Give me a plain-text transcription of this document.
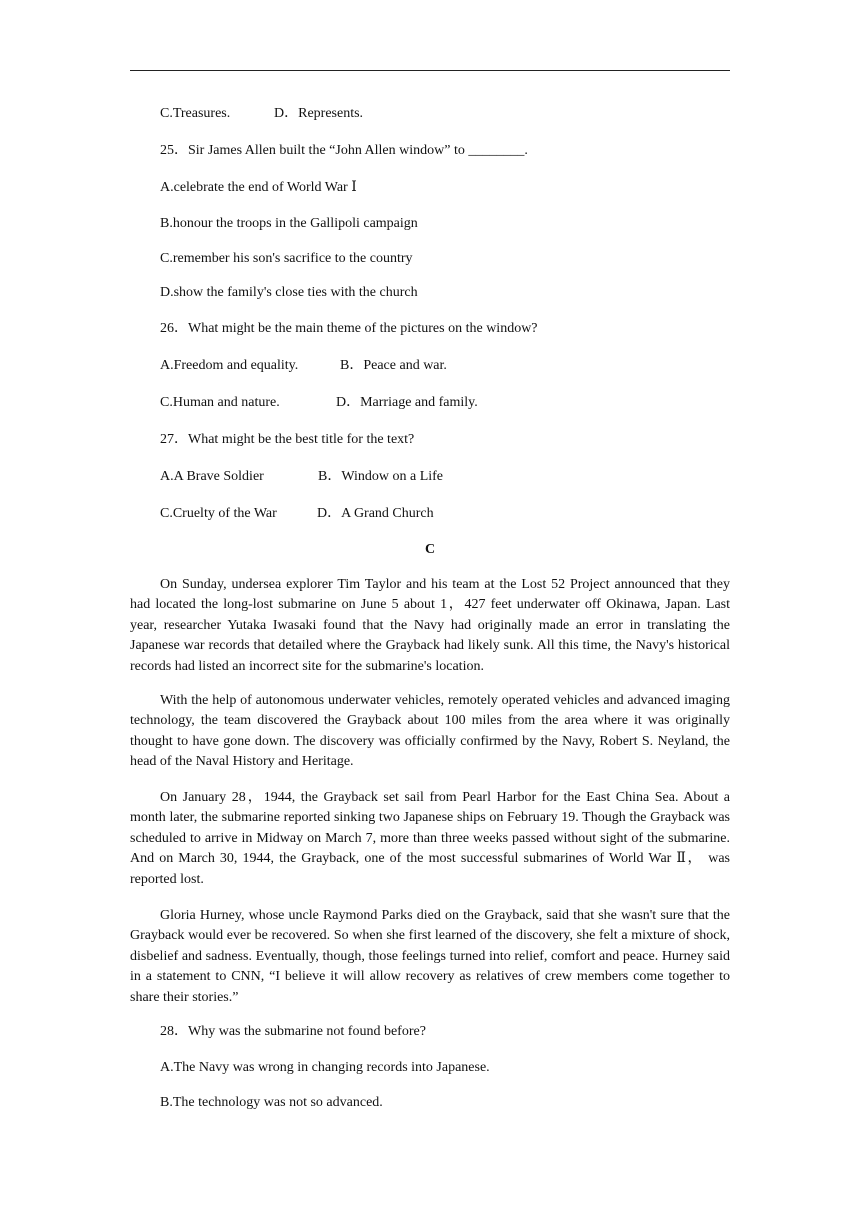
C.Treasures.	D．Represents.
25．Sir James Allen built the “John Allen window” to ________.
A.celebrate the end of World War Ⅰ
B.honour the troops in the Gallipoli campaign
C.remember his son's sacrifice to the country
D.show the family's close ties with the church
26．What might be the main theme of the pictures on the window?
A.Freedom and equality.	B．Peace and war.
C.Human and nature.	D．Marriage and family.
27．What might be the best title for the text?
A.A Brave Soldier	B．Window on a Life
C.Cruelty of the War	D．A Grand Church
C

On Sunday, undersea explorer Tim Taylor and his team at the Lost 52 Project announced that they had located the long-lost submarine on June 5 about 1，427 feet underwater off Okinawa, Japan. Last year, researcher Yutaka Iwasaki found that the Navy had originally made an error in translating the Japanese war records that detailed where the Grayback had likely sunk. All this time, the Navy's historical records had listed an incorrect site for the submarine's location.

With the help of autonomous underwater vehicles, remotely operated vehicles and advanced imaging technology, the team discovered the Grayback about 100 miles from the area where it was originally thought to have gone down. The discovery was officially confirmed by the Navy, Robert S. Neyland, the head of the Naval History and Heritage.

On January 28，1944, the Grayback set sail from Pearl Harbor for the East China Sea. About a month later, the submarine reported sinking two Japanese ships on February 19. Though the Grayback was scheduled to arrive in Midway on March 7, more than three weeks passed without sight of the submarine. And on March 30, 1944, the Grayback, one of the most successful submarines of World War Ⅱ， was reported lost.

Gloria Hurney, whose uncle Raymond Parks died on the Grayback, said that she wasn't sure that the Grayback would ever be recovered. So when she first learned of the discovery, she felt a mixture of shock, disbelief and sadness. Eventually, though, those feelings turned into relief, comfort and peace. Hurney said in a statement to CNN, “I believe it will allow recovery as relatives of crew members come together to share their stories.”

28．Why was the submarine not found before?
A.The Navy was wrong in changing records into Japanese.
B.The technology was not so advanced.
